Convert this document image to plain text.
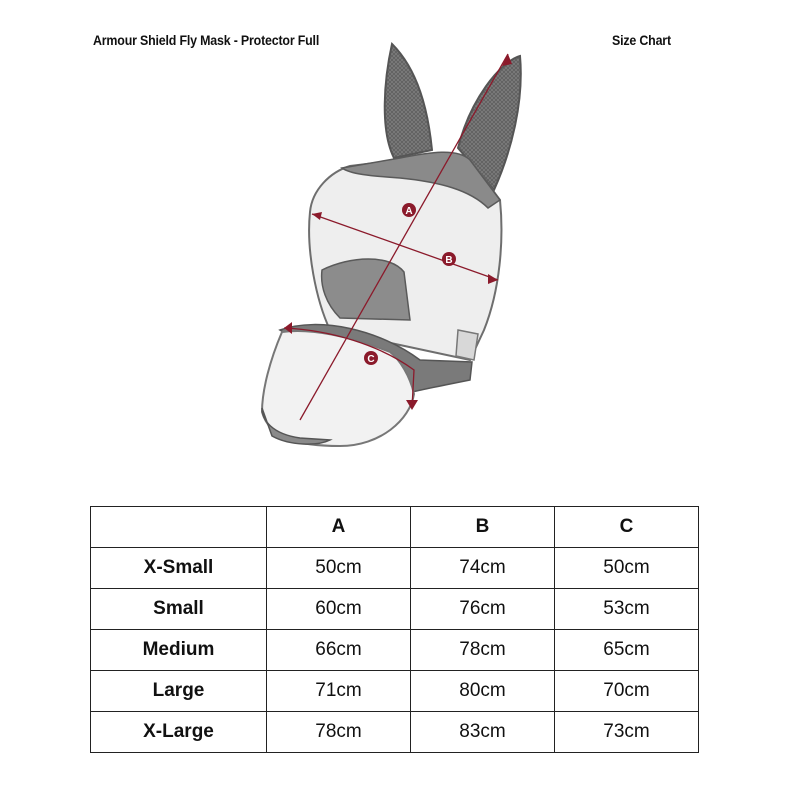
Armour Shield Fly Mask - Protector Full	Size Chart
A
B
C
	A	B	C
X-Small	50cm	74cm	50cm
Small	60cm	76cm	53cm
Medium	66cm	78cm	65cm
Large	71cm	80cm	70cm
X-Large	78cm	83cm	73cm
